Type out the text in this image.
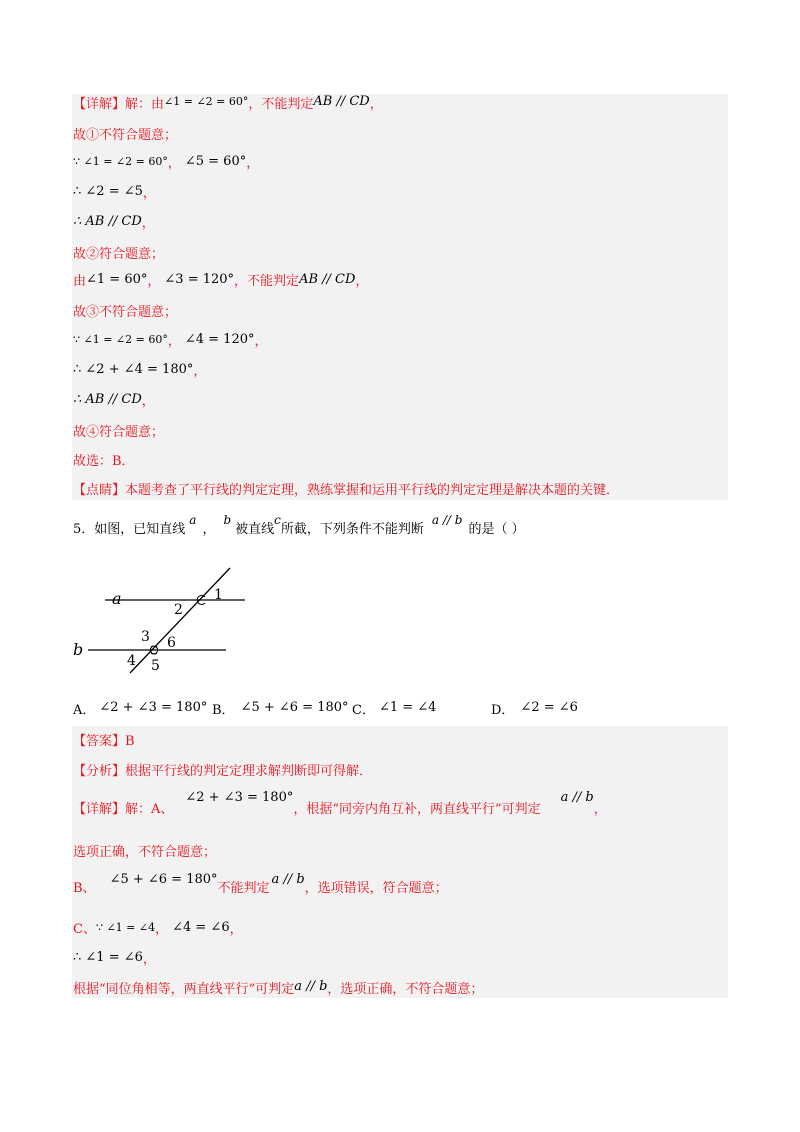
【详解】解：由$^{\angle 1 = \angle 2 = 60^\circ}$，不能判定AB // CD，
故①不符合题意；
∵ ∠1 = ∠2 = 60°， ∠5 = 60°，
∴ ∠2 = ∠5，
∴ AB // CD，
故②符合题意；
由∠1 = 60°， ∠3 = 120°，不能判定AB // CD，
故③不符合题意；
∵ ∠1 = ∠2 = 60°， ∠4 = 120°，
∴ ∠2 + ∠4 = 180°，
∴ AB // CD，
故④符合题意；
故选：B．
【点睛】本题考查了平行线的判定定理，熟练掌握和运用平行线的判定定理是解决本题的关键．
5．如图，已知直线a，b被直线c所截，下列条件不能判断a // b的是（ ）
a
b
1
2
3 6
4 5
A． ∠2 + ∠3 = 180° B． ∠5 + ∠6 = 180° C． ∠1 = ∠4	D． ∠2 = ∠6
【答案】B
【分析】根据平行线的判定定理求解判断即可得解．
【详解】解：A、∠2 + ∠3 = 180°，根据“同旁内角互补，两直线平行”可判定a // b，
选项正确，不符合题意；
B、∠5 + ∠6 = 180°不能判定a // b，选项错误，符合题意；
C、∵ ∠1 = ∠4， ∠4 = ∠6，
∴ ∠1 = ∠6，
根据“同位角相等，两直线平行”可判定a // b，选项正确，不符合题意；
